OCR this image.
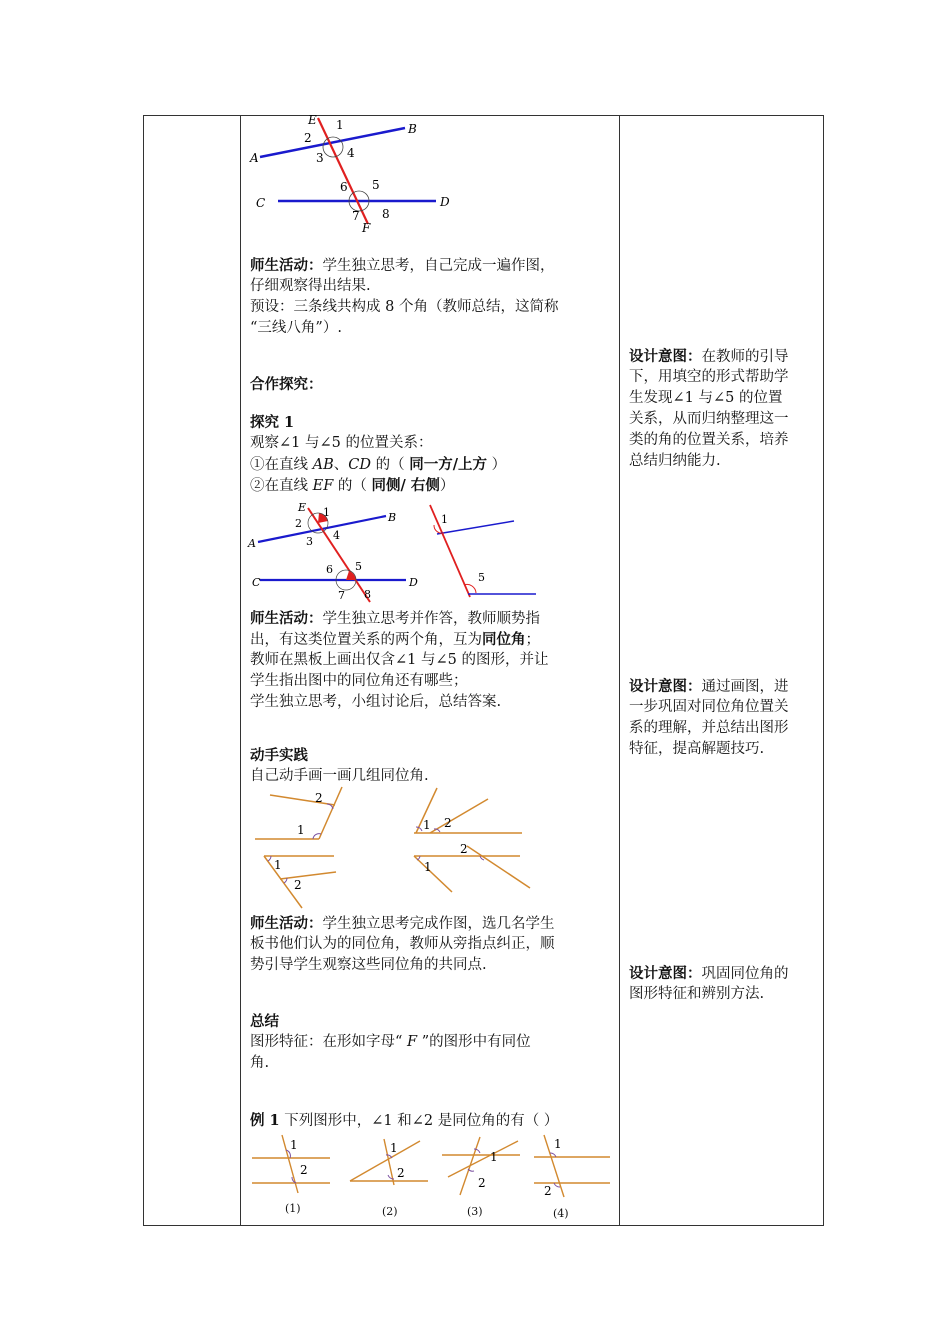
E 1	B
2
4
3
A
6 5
C	D
7 8
F
师生活动：学生独立思考，自己完成一遍作图，
仔细观察得出结果.
预设：三条线共构成 8 个角（教师总结，这简称
“三线八角”）.
合作探究：
探究 1
观察∠1 与∠5 的位置关系：
①在直线 AB、CD 的（ 同一方/上方 ）
②在直线 EF 的（ 同侧/ 右侧）
E 1	B
2
4
3
A
6 5
C	D
7 8
1
5
师生活动：学生独立思考并作答，教师顺势指
出，有这类位置关系的两个角，互为同位角；
教师在黑板上画出仅含∠1 与∠5 的图形，并让
学生指出图中的同位角还有哪些；
学生独立思考，小组讨论后，总结答案.
动手实践
自己动手画一画几组同位角.
2
1	1 2
1
2
2
1
师生活动：学生独立思考完成作图，选几名学生
板书他们认为的同位角，教师从旁指点纠正，顺
势引导学生观察这些同位角的共同点.
总结
图形特征：在形如字母“ F ”的图形中有同位
角.
例 1 下列图形中，∠1 和∠2 是同位角的有（ ）
1
2
1
2
1
2
1
2
(1)	(2)	(3)	(4)
设计意图：在教师的引导
下，用填空的形式帮助学
生发现∠1 与∠5 的位置
关系，从而归纳整理这一
类的角的位置关系，培养
总结归纳能力.
设计意图：通过画图，进
一步巩固对同位角位置关
系的理解，并总结出图形
特征，提高解题技巧.
设计意图：巩固同位角的
图形特征和辨别方法.
